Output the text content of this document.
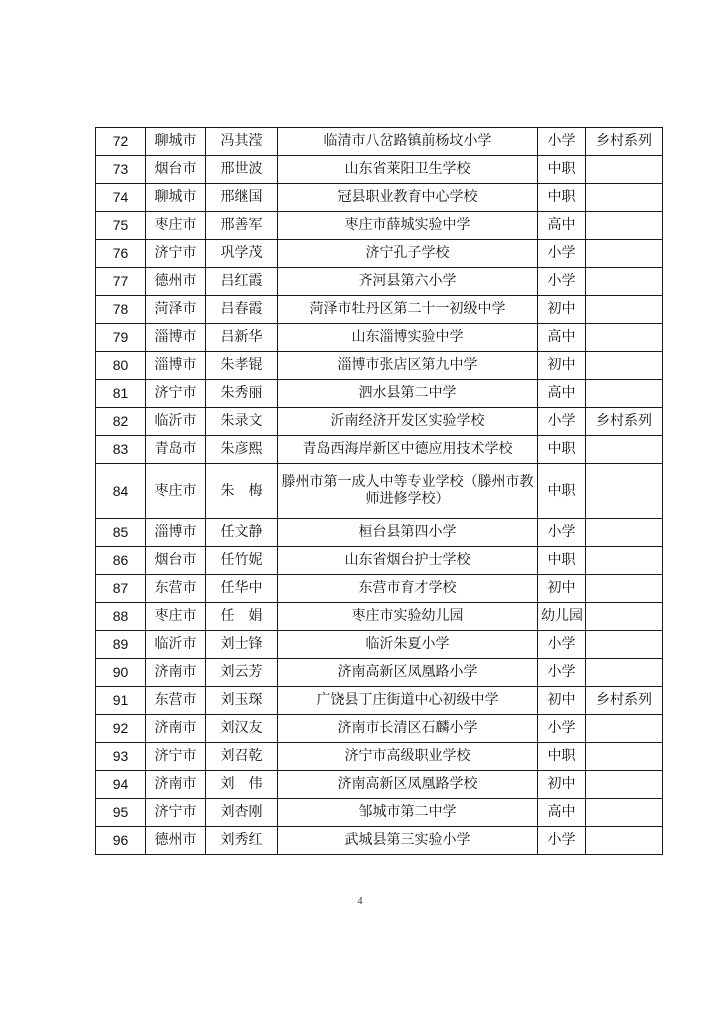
72	聊城市	冯其滢	临清市八岔路镇前杨坟小学	小学	乡村系列
73	烟台市	邢世波	山东省莱阳卫生学校	中职	
74	聊城市	邢继国	冠县职业教育中心学校	中职	
75	枣庄市	邢善军	枣庄市薛城实验中学	高中	
76	济宁市	巩学茂	济宁孔子学校	小学	
77	德州市	吕红霞	齐河县第六小学	小学	
78	菏泽市	吕春霞	菏泽市牡丹区第二十一初级中学	初中	
79	淄博市	吕新华	山东淄博实验中学	高中	
80	淄博市	朱孝锟	淄博市张店区第九中学	初中	
81	济宁市	朱秀丽	泗水县第二中学	高中	
82	临沂市	朱录文	沂南经济开发区实验学校	小学	乡村系列
83	青岛市	朱彦熙	青岛西海岸新区中德应用技术学校	中职	
84	枣庄市	朱　梅	滕州市第一成人中等专业学校（滕州市教师进修学校）	中职	
85	淄博市	任文静	桓台县第四小学	小学	
86	烟台市	任竹妮	山东省烟台护士学校	中职	
87	东营市	任华中	东营市育才学校	初中	
88	枣庄市	任　娟	枣庄市实验幼儿园	幼儿园	
89	临沂市	刘士锋	临沂朱夏小学	小学	
90	济南市	刘云芳	济南高新区凤凰路小学	小学	
91	东营市	刘玉琛	广饶县丁庄街道中心初级中学	初中	乡村系列
92	济南市	刘汉友	济南市长清区石麟小学	小学	
93	济宁市	刘召乾	济宁市高级职业学校	中职	
94	济南市	刘　伟	济南高新区凤凰路学校	初中	
95	济宁市	刘杏刚	邹城市第二中学	高中	
96	德州市	刘秀红	武城县第三实验小学	小学	
4
